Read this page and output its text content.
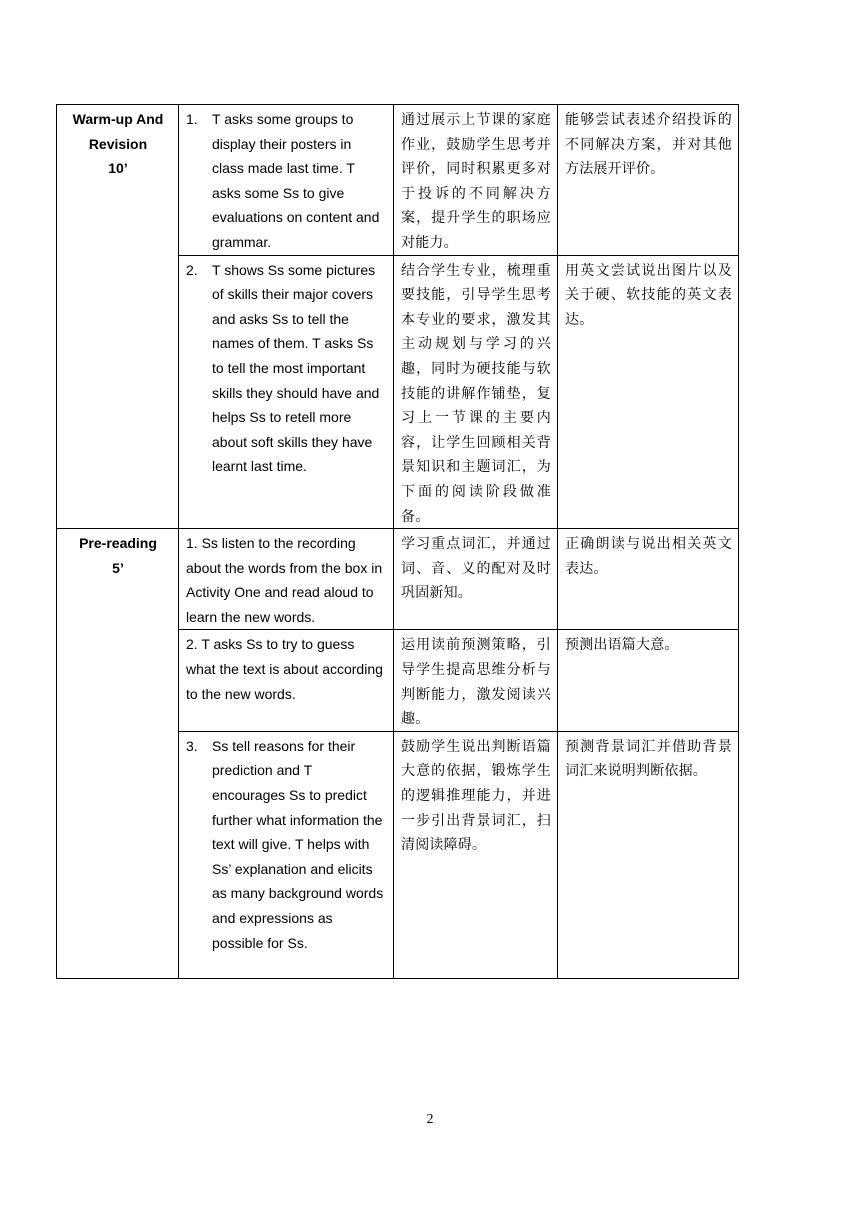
Warm-up And
Revision
10’	1. T asks some groups to display their posters in class made last time. T asks some Ss to give evaluations on content and grammar.	通过展示上节课的家庭作业，鼓励学生思考并评价，同时积累更多对于投诉的不同解决方案，提升学生的职场应对能力。	能够尝试表述介绍投诉的不同解决方案，并对其他方法展开评价。

	2. T shows Ss some pictures of skills their major covers and asks Ss to tell the names of them. T asks Ss to tell the most important skills they should have and helps Ss to retell more about soft skills they have learnt last time.	结合学生专业，梳理重要技能，引导学生思考本专业的要求，激发其主动规划与学习的兴趣，同时为硬技能与软技能的讲解作铺垫，复习上一节课的主要内容，让学生回顾相关背景知识和主题词汇，为下面的阅读阶段做准备。	用英文尝试说出图片以及关于硬、软技能的英文表达。

Pre-reading
5’	1. Ss listen to the recording about the words from the box in Activity One and read aloud to learn the new words.	学习重点词汇，并通过词、音、义的配对及时巩固新知。	正确朗读与说出相关英文表达。
	2. T asks Ss to try to guess what the text is about according to the new words.	运用读前预测策略，引导学生提高思维分析与判断能力，激发阅读兴趣。	预测出语篇大意。

	3. Ss tell reasons for their prediction and T encourages Ss to predict further what information the text will give. T helps with Ss’ explanation and elicits as many background words and expressions as possible for Ss.	鼓励学生说出判断语篇大意的依据，锻炼学生的逻辑推理能力，并进一步引出背景词汇，扫清阅读障碍。	预测背景词汇并借助背景词汇来说明判断依据。
2
